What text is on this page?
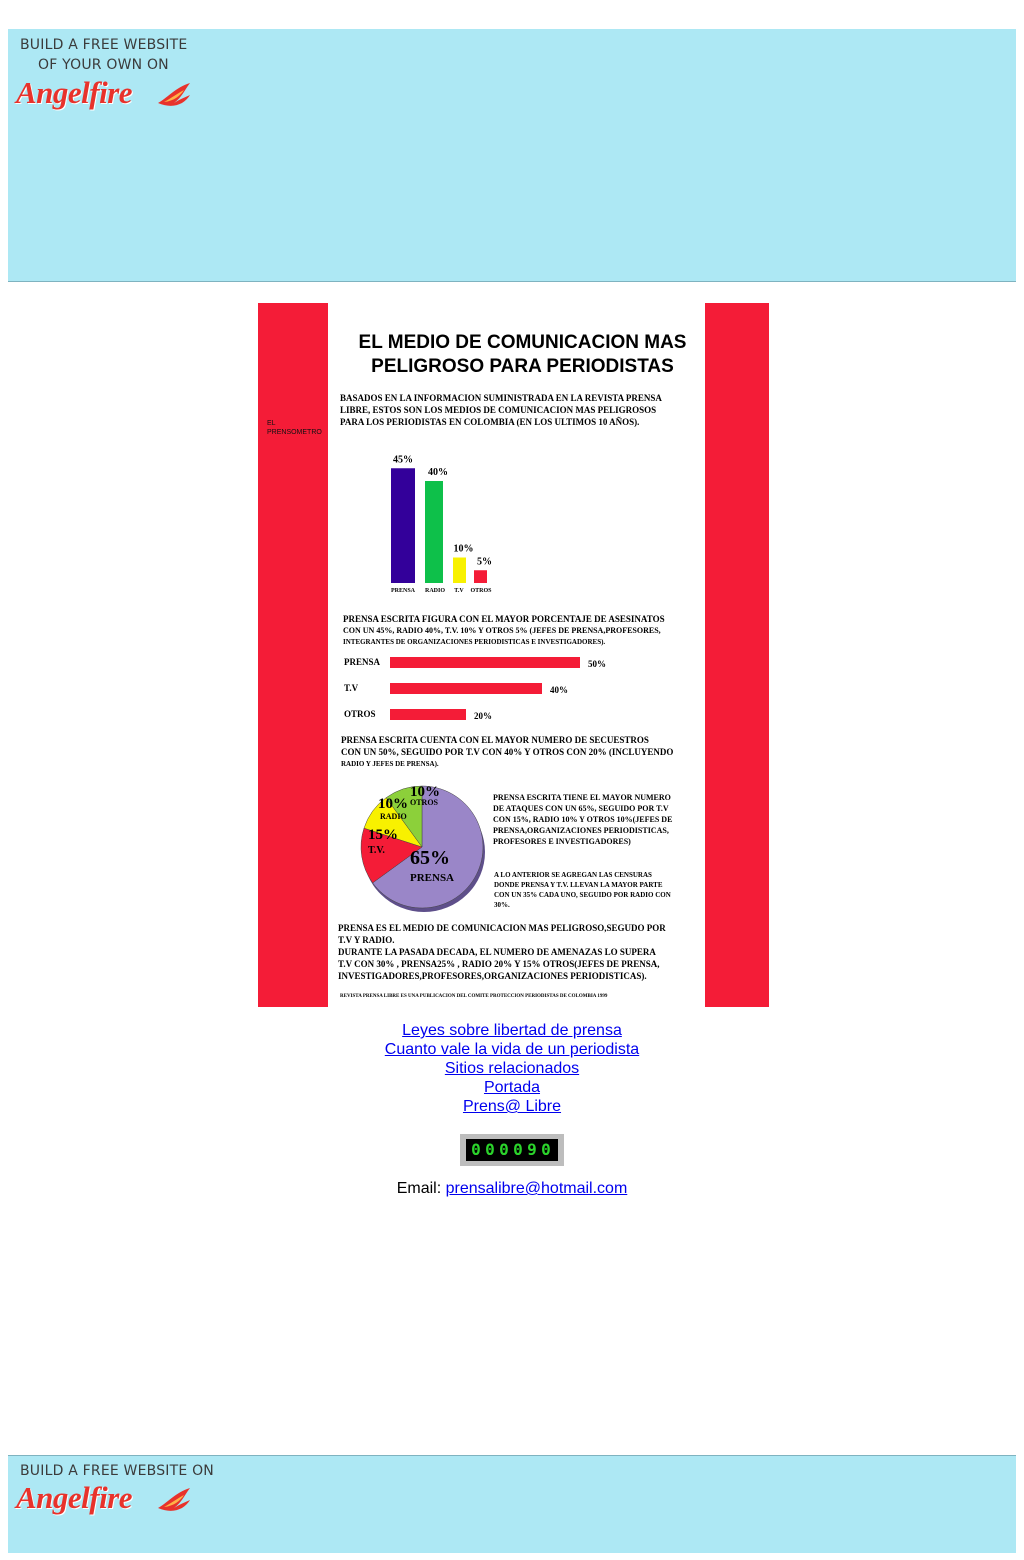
BUILD A FREE WEBSITE
OF YOUR OWN ON
Angelfire
EL
PRENSOMETRO
EL MEDIO DE COMUNICACION MAS
PELIGROSO PARA PERIODISTAS
BASADOS EN LA INFORMACION SUMINISTRADA EN LA REVISTA PRENSA
LIBRE, ESTOS SON LOS MEDIOS DE COMUNICACION MAS PELIGROSOS
PARA LOS PERIODISTAS EN COLOMBIA (EN LOS ULTIMOS 10 AÑOS).
45%
40%
10%
5%
PRENSA RADIO T.V OTROS
PRENSA ESCRITA FIGURA CON EL MAYOR PORCENTAJE DE ASESINATOS
CON UN 45%, RADIO 40%, T.V. 10% Y OTROS 5% (JEFES DE PRENSA,PROFESORES,
INTEGRANTES DE ORGANIZACIONES PERIODISTICAS E INVESTIGADORES).
PRENSA	50%
T.V	40%
OTROS	20%
PRENSA ESCRITA CUENTA CON EL MAYOR NUMERO DE SECUESTROS
CON UN 50%, SEGUIDO POR T.V CON 40% Y OTROS CON 20% (INCLUYENDO
RADIO Y JEFES DE PRENSA).
65%
PRENSA
15%
T.V.
10%
RADIO
10%
OTROS
PRENSA ESCRITA TIENE EL MAYOR NUMERO
DE ATAQUES CON UN 65%, SEGUIDO POR T.V
CON 15%, RADIO 10% Y OTROS 10%(JEFES DE
PRENSA,ORGANIZACIONES PERIODISTICAS,
PROFESORES E INVESTIGADORES)
A LO ANTERIOR SE AGREGAN LAS CENSURAS
DONDE PRENSA Y T.V. LLEVAN LA MAYOR PARTE
CON UN 35% CADA UNO, SEGUIDO POR RADIO CON
30%.
PRENSA ES EL MEDIO DE COMUNICACION MAS PELIGROSO,SEGUDO POR
T.V Y RADIO.
DURANTE LA PASADA DECADA, EL NUMERO DE AMENAZAS LO SUPERA
T.V CON 30% , PRENSA25% , RADIO 20% Y 15% OTROS(JEFES DE PRENSA,
INVESTIGADORES,PROFESORES,ORGANIZACIONES PERIODISTICAS).
REVISTA PRENSA LIBRE ES UNA PUBLICACION DEL COMITE PROTECCION PERIODISTAS DE COLOMBIA 1999
Leyes sobre libertad de prensa
Cuanto vale la vida de un periodista
Sitios relacionados
Portada
Prens@ Libre
0 0 0 0 9 0
Email: prensalibre@hotmail.com
BUILD A FREE WEBSITE ON
Angelfire
